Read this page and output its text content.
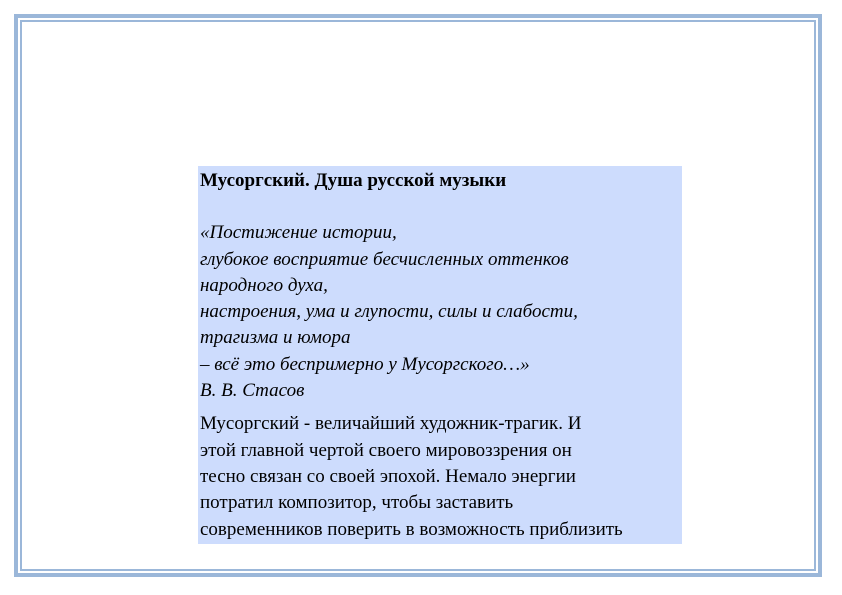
Мусоргский. Душа русской музыки
«Постижение истории,
глубокое восприятие бесчисленных оттенков
народного духа,
настроения, ума и глупости, силы и слабости,
трагизма и юмора
– всё это беспримерно у Мусоргского…»
В. В. Стасов
Мусоргский - величайший художник-трагик. И
этой главной чертой своего мировоззрения он
тесно связан со своей эпохой. Немало энергии
потратил композитор, чтобы заставить
современников поверить в возможность приблизить
